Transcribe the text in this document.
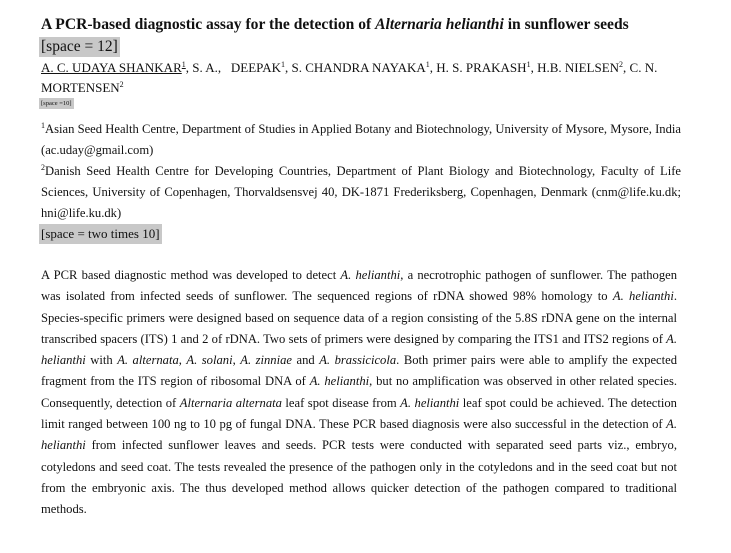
A PCR-based diagnostic assay for the detection of Alternaria helianthi in sunflower seeds
[space = 12]

A. C. UDAYA SHANKAR$^1$, S. A., DEEPAK$^1$, S. CHANDRA NAYAKA$^1$, H. S. PRAKASH$^1$, H.B. NIELSEN$^2$, C. N. MORTENSEN$^2$

[space =10]

$^1$Asian Seed Health Centre, Department of Studies in Applied Botany and Biotechnology, University of Mysore, Mysore, India (ac.uday@gmail.com)

$^2$Danish Seed Health Centre for Developing Countries, Department of Plant Biology and Biotechnology, Faculty of Life Sciences, University of Copenhagen, Thorvaldsensvej 40, DK-1871 Frederiksberg, Copenhagen, Denmark (cnm@life.ku.dk; hni@life.ku.dk)

[space = two times 10]

A PCR based diagnostic method was developed to detect A. helianthi, a necrotrophic pathogen of sunflower. The pathogen was isolated from infected seeds of sunflower. The sequenced regions of rDNA showed 98% homology to A. helianthi. Species-specific primers were designed based on sequence data of a region consisting of the 5.8S rDNA gene on the internal transcribed spacers (ITS) 1 and 2 of rDNA. Two sets of primers were designed by comparing the ITS1 and ITS2 regions of A. helianthi with A. alternata, A. solani, A. zinniae and A. brassicicola. Both primer pairs were able to amplify the expected fragment from the ITS region of ribosomal DNA of A. helianthi, but no amplification was observed in other related species. Consequently, detection of Alternaria alternata leaf spot disease from A. helianthi leaf spot could be achieved. The detection limit ranged between 100 ng to 10 pg of fungal DNA. These PCR based diagnosis were also successful in the detection of A. helianthi from infected sunflower leaves and seeds. PCR tests were conducted with separated seed parts viz., embryo, cotyledons and seed coat. The tests revealed the presence of the pathogen only in the cotyledons and in the seed coat but not from the embryonic axis. The thus developed method allows quicker detection of the pathogen compared to traditional methods.
